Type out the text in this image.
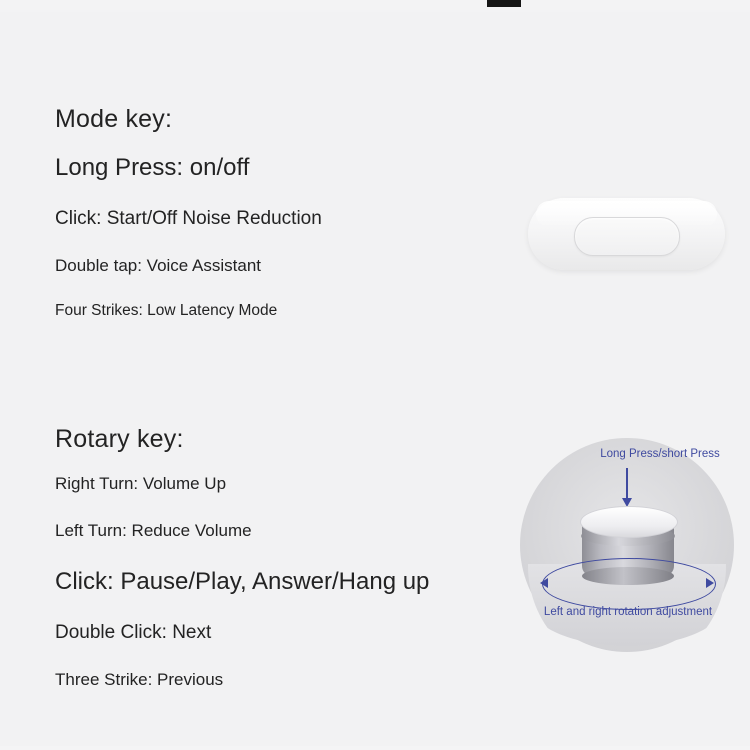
Mode key:

Long Press: on/off

Click: Start/Off Noise Reduction

Double tap: Voice Assistant

Four Strikes: Low Latency Mode

Rotary key:

Right Turn: Volume Up

Left Turn: Reduce Volume

Click: Pause/Play, Answer/Hang up

Double Click: Next

Three Strike: Previous

Long Press/short Press
Left and right rotation adjustment
